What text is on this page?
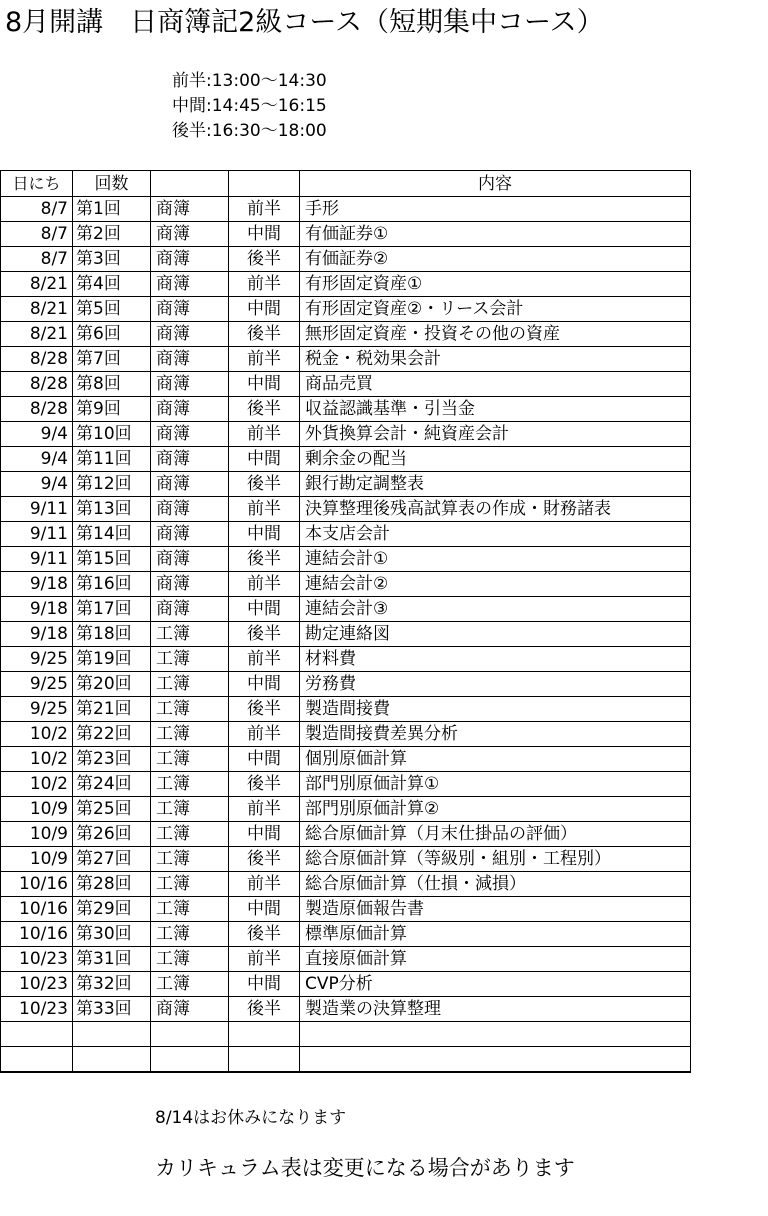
8月開講　日商簿記2級コース（短期集中コース）
前半:13:00～14:30
中間:14:45～16:15
後半:16:30～18:00
日にち	回数			内容
8/7	第1回	商簿	前半	手形
8/7	第2回	商簿	中間	有価証券①
8/7	第3回	商簿	後半	有価証券②
8/21	第4回	商簿	前半	有形固定資産①
8/21	第5回	商簿	中間	有形固定資産②・リース会計
8/21	第6回	商簿	後半	無形固定資産・投資その他の資産
8/28	第7回	商簿	前半	税金・税効果会計
8/28	第8回	商簿	中間	商品売買
8/28	第9回	商簿	後半	収益認識基準・引当金
9/4	第10回	商簿	前半	外貨換算会計・純資産会計
9/4	第11回	商簿	中間	剰余金の配当
9/4	第12回	商簿	後半	銀行勘定調整表
9/11	第13回	商簿	前半	決算整理後残高試算表の作成・財務諸表
9/11	第14回	商簿	中間	本支店会計
9/11	第15回	商簿	後半	連結会計①
9/18	第16回	商簿	前半	連結会計②
9/18	第17回	商簿	中間	連結会計③
9/18	第18回	工簿	後半	勘定連絡図
9/25	第19回	工簿	前半	材料費
9/25	第20回	工簿	中間	労務費
9/25	第21回	工簿	後半	製造間接費
10/2	第22回	工簿	前半	製造間接費差異分析
10/2	第23回	工簿	中間	個別原価計算
10/2	第24回	工簿	後半	部門別原価計算①
10/9	第25回	工簿	前半	部門別原価計算②
10/9	第26回	工簿	中間	総合原価計算（月末仕掛品の評価）
10/9	第27回	工簿	後半	総合原価計算（等級別・組別・工程別）
10/16	第28回	工簿	前半	総合原価計算（仕損・減損）
10/16	第29回	工簿	中間	製造原価報告書
10/16	第30回	工簿	後半	標準原価計算
10/23	第31回	工簿	前半	直接原価計算
10/23	第32回	工簿	中間	CVP分析
10/23	第33回	商簿	後半	製造業の決算整理

8/14はお休みになります
カリキュラム表は変更になる場合があります
